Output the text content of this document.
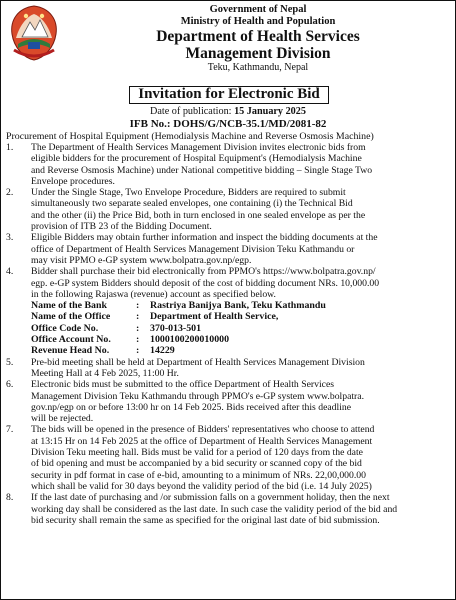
Government of Nepal
Ministry of Health and Population
Department of Health Services
Management Division
Teku, Kathmandu, Nepal
Invitation for Electronic Bid
Date of publication: 15 January 2025
IFB No.: DOHS/G/NCB-35.1/MD/2081-82
Procurement of Hospital Equipment (Hemodialysis Machine and Reverse Osmosis Machine)
1.	The Department of Health Services Management Division invites electronic bids from
eligible bidders for the procurement of Hospital Equipment's (Hemodialysis Machine
and Reverse Osmosis Machine) under National competitive bidding – Single Stage Two
Envelope procedures.
2.	Under the Single Stage, Two Envelope Procedure, Bidders are required to submit
simultaneously two separate sealed envelopes, one containing (i) the Technical Bid
and the other (ii) the Price Bid, both in turn enclosed in one sealed envelope as per the
provision of ITB 23 of the Bidding Document.
3.	Eligible Bidders may obtain further information and inspect the bidding documents at the
office of Department of Health Services Management Division Teku Kathmandu or
may visit PPMO e-GP system www.bolpatra.gov.np/egp.
4.	Bidder shall purchase their bid electronically from PPMO's https://www.bolpatra.gov.np/
egp. e-GP system Bidders should deposit of the cost of bidding document NRs. 10,000.00
in the following Rajaswa (revenue) account as specified below.
Name of the Bank	:	Rastriya Banijya Bank, Teku Kathmandu
Name of the Office	:	Department of Health Service,
Office Code No.	:	370-013-501
Office Account No.	:	1000100200010000
Revenue Head No.	:	14229
5.	Pre-bid meeting shall be held at Department of Health Services Management Division
Meeting Hall at 4 Feb 2025, 11:00 Hr.
6.	Electronic bids must be submitted to the office Department of Health Services
Management Division Teku Kathmandu through PPMO's e-GP system www.bolpatra.
gov.np/egp on or before 13:00 hr on 14 Feb 2025. Bids received after this deadline
will be rejected.
7.	The bids will be opened in the presence of Bidders' representatives who choose to attend
at 13:15 Hr on 14 Feb 2025 at the office of Department of Health Services Management
Division Teku meeting hall. Bids must be valid for a period of 120 days from the date
of bid opening and must be accompanied by a bid security or scanned copy of the bid
security in pdf format in case of e-bid, amounting to a minimum of NRs. 22,00,000.00
which shall be valid for 30 days beyond the validity period of the bid (i.e. 14 July 2025)
8.	If the last date of purchasing and /or submission falls on a government holiday, then the next
working day shall be considered as the last date. In such case the validity period of the bid and
bid security shall remain the same as specified for the original last date of bid submission.
